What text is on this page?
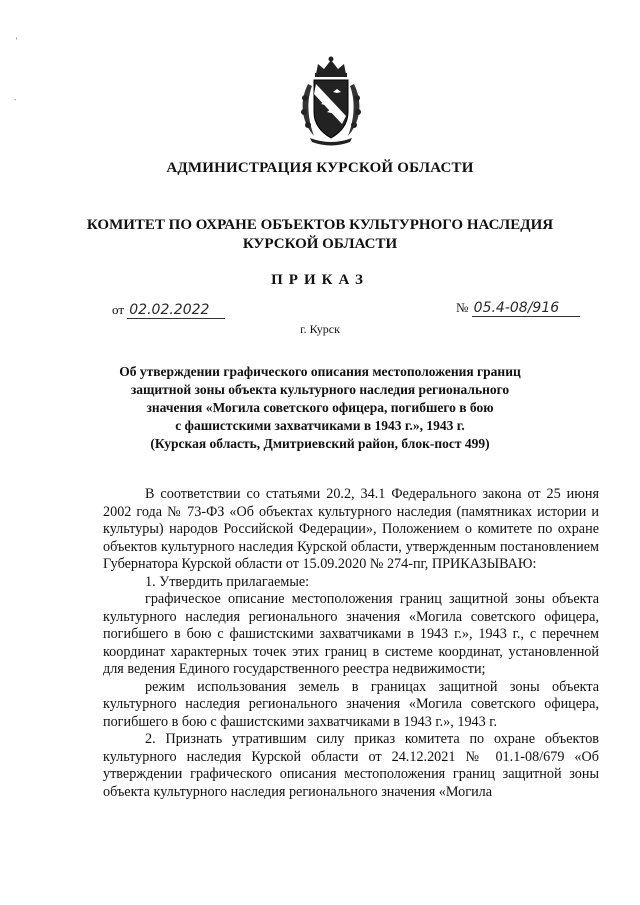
'
`
АДМИНИСТРАЦИЯ КУРСКОЙ ОБЛАСТИ
КОМИТЕТ ПО ОХРАНЕ ОБЪЕКТОВ КУЛЬТУРНОГО НАСЛЕДИЯ
КУРСКОЙ ОБЛАСТИ
ПРИКАЗ
от 02.02.2022	№ 05.4-08/916
г. Курск
Об утверждении графического описания местоположения границ
защитной зоны объекта культурного наследия регионального
значения «Могила советского офицера, погибшего в бою
с фашистскими захватчиками в 1943 г.», 1943 г.
(Курская область, Дмитриевский район, блок-пост 499)

В соответствии со статьями 20.2, 34.1 Федерального закона от 25 июня 2002 года № 73-ФЗ «Об объектах культурного наследия (памятниках истории и культуры) народов Российской Федерации», Положением о комитете по охране объектов культурного наследия Курской области, утвержденным постановлением Губернатора Курской области от 15.09.2020 № 274-пг, ПРИКАЗЫВАЮ:

1. Утвердить прилагаемые:

графическое описание местоположения границ защитной зоны объекта культурного наследия регионального значения «Могила советского офицера, погибшего в бою с фашистскими захватчиками в 1943 г.», 1943 г., с перечнем координат характерных точек этих границ в системе координат, установленной для ведения Единого государственного реестра недвижимости;

режим использования земель в границах защитной зоны объекта культурного наследия регионального значения «Могила советского офицера, погибшего в бою с фашистскими захватчиками в 1943 г.», 1943 г.

2. Признать утратившим силу приказ комитета по охране объектов культурного наследия Курской области от 24.12.2021 № 01.1-08/679 «Об утверждении графического описания местоположения границ защитной зоны объекта культурного наследия регионального значения «Могила
